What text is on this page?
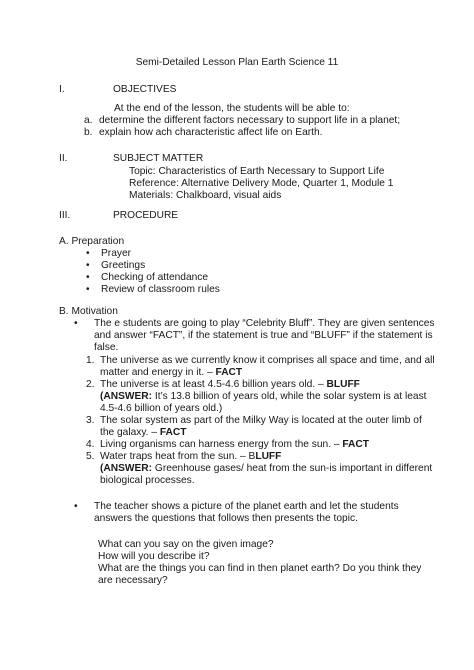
Semi-Detailed Lesson Plan Earth Science 11
I.	OBJECTIVES
At the end of the lesson, the students will be able to:
a. determine the different factors necessary to support life in a planet;
b. explain how ach characteristic affect life on Earth.
II.	SUBJECT MATTER
Topic: Characteristics of Earth Necessary to Support Life
Reference: Alternative Delivery Mode, Quarter 1, Module 1
Materials: Chalkboard, visual aids
III.	PROCEDURE
A. Preparation
• Prayer
• Greetings
• Checking of attendance
• Review of classroom rules
B. Motivation
• The e students are going to play “Celebrity Bluff”. They are given sentences
and answer “FACT”, if the statement is true and “BLUFF” if the statement is
false.
1. The universe as we currently know it comprises all space and time, and all
matter and energy in it. – FACT
2. The universe is at least 4.5-4.6 billion years old. – BLUFF
(ANSWER: It’s 13.8 billion of years old, while the solar system is at least
4.5-4.6 billion of years old.)
3. The solar system as part of the Milky Way is located at the outer limb of
the galaxy. – FACT
4. Living organisms can harness energy from the sun. – FACT
5. Water traps heat from the sun. – BLUFF
(ANSWER: Greenhouse gases/ heat from the sun-is important in different
biological processes.
• The teacher shows a picture of the planet earth and let the students
answers the questions that follows then presents the topic.
What can you say on the given image?
How will you describe it?
What are the things you can find in then planet earth? Do you think they
are necessary?
